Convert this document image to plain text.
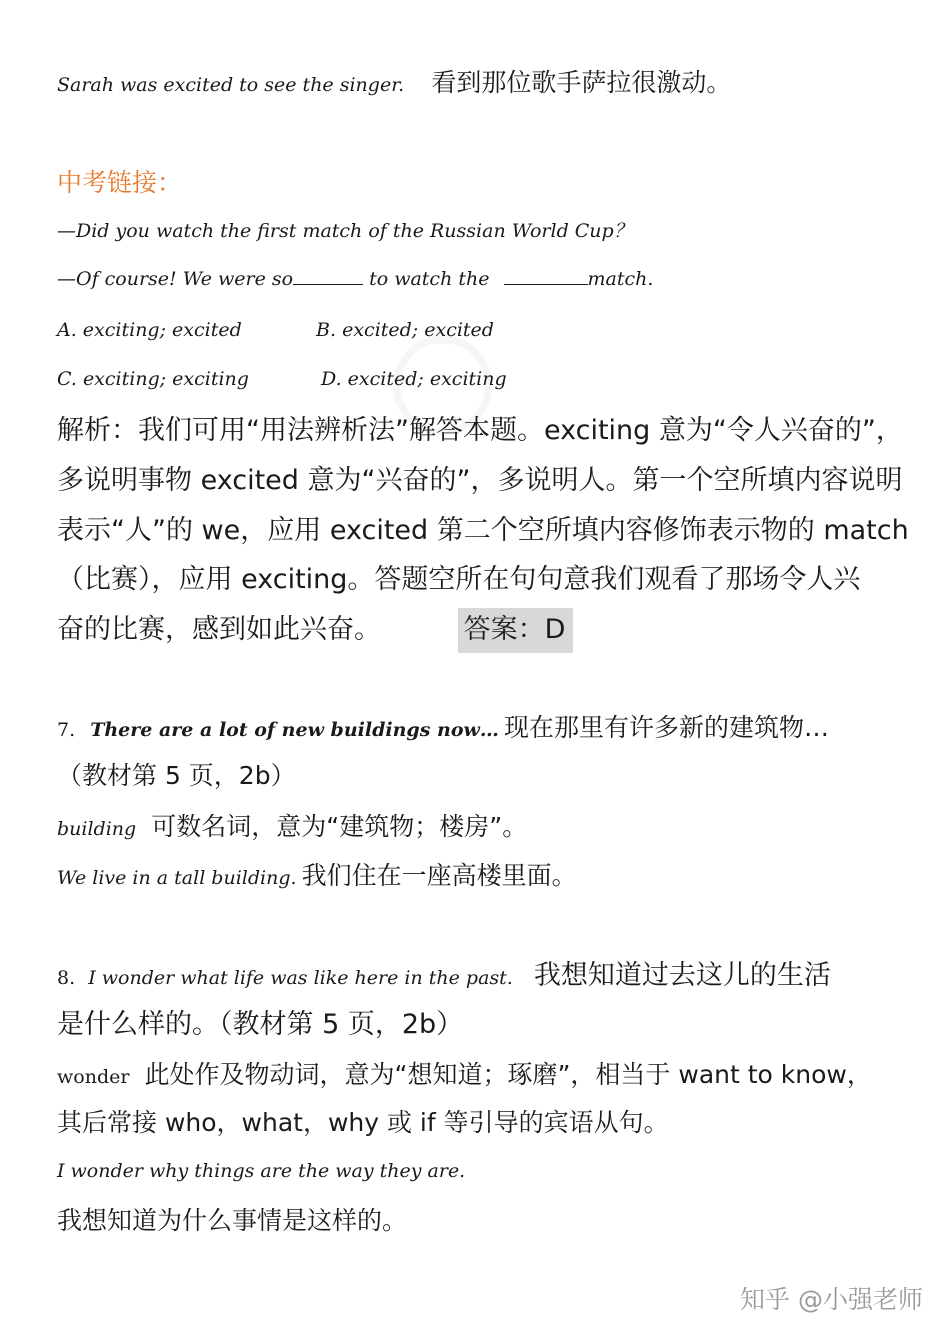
Sarah was excited to see the singer. 看到那位歌手萨拉很激动。
中考链接：
—Did you watch the first match of the Russian World Cup？
—Of course! We were so	to watch the	match.
A. exciting; excited	B. excited; excited
C. exciting; exciting	D. excited; exciting
解析：我们可用“用法辨析法”解答本题。exciting 意为“令人兴奋的”，
多说明事物 excited 意为“兴奋的”，多说明人。第一个空所填内容说明
表示“人”的 we，应用 excited 第二个空所填内容修饰表示物的 match
（比赛），应用 exciting。答题空所在句句意我们观看了那场令人兴
奋的比赛，感到如此兴奋。	答案：D
7. There are a lot of new buildings now… 现在那里有许多新的建筑物…
（教材第 5 页，2b）
building 可数名词，意为“建筑物；楼房”。
We live in a tall building. 我们住在一座高楼里面。
8. I wonder what life was like here in the past. 我想知道过去这儿的生活
是什么样的。（教材第 5 页，2b）
wonder 此处作及物动词，意为“想知道；琢磨”，相当于 want to know，
其后常接 who，what，why 或 if 等引导的宾语从句。
I wonder why things are the way they are.
我想知道为什么事情是这样的。
知乎 @小强老师
